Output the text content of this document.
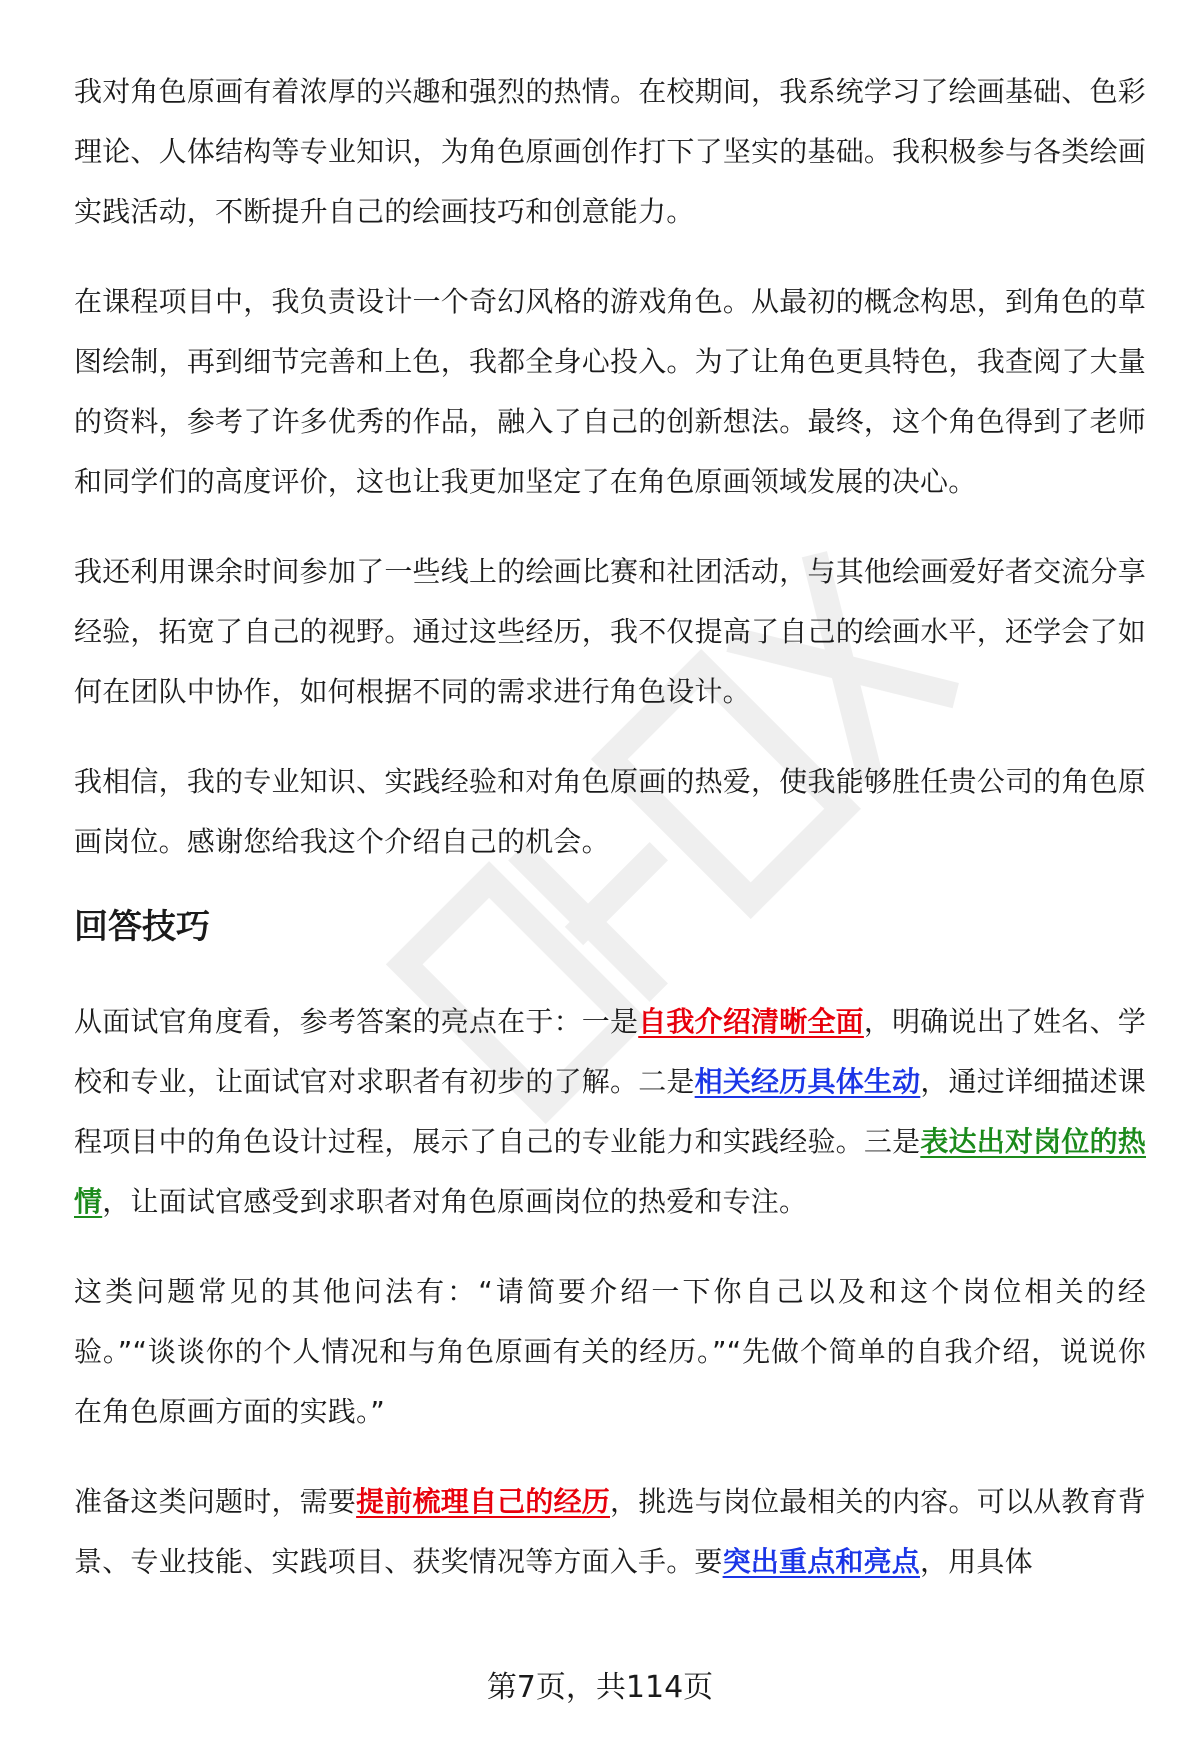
我对角色原画有着浓厚的兴趣和强烈的热情。在校期间，我系统学习了绘画基础、色彩理论、人体结构等专业知识，为角色原画创作打下了坚实的基础。我积极参与各类绘画实践活动，不断提升自己的绘画技巧和创意能力。

在课程项目中，我负责设计一个奇幻风格的游戏角色。从最初的概念构思，到角色的草图绘制，再到细节完善和上色，我都全身心投入。为了让角色更具特色，我查阅了大量的资料，参考了许多优秀的作品，融入了自己的创新想法。最终，这个角色得到了老师和同学们的高度评价，这也让我更加坚定了在角色原画领域发展的决心。

我还利用课余时间参加了一些线上的绘画比赛和社团活动，与其他绘画爱好者交流分享经验，拓宽了自己的视野。通过这些经历，我不仅提高了自己的绘画水平，还学会了如何在团队中协作，如何根据不同的需求进行角色设计。

我相信，我的专业知识、实践经验和对角色原画的热爱，使我能够胜任贵公司的角色原画岗位。感谢您给我这个介绍自己的机会。

回答技巧

从面试官角度看，参考答案的亮点在于：一是自我介绍清晰全面，明确说出了姓名、学校和专业，让面试官对求职者有初步的了解。二是相关经历具体生动，通过详细描述课程项目中的角色设计过程，展示了自己的专业能力和实践经验。三是表达出对岗位的热情，让面试官感受到求职者对角色原画岗位的热爱和专注。

这类问题常见的其他问法有：“请简要介绍一下你自己以及和这个岗位相关的经验。”“谈谈你的个人情况和与角色原画有关的经历。”“先做个简单的自我介绍，说说你在角色原画方面的实践。”

准备这类问题时，需要提前梳理自己的经历，挑选与岗位最相关的内容。可以从教育背景、专业技能、实践项目、获奖情况等方面入手。要突出重点和亮点，用具体

第7页，共114页
